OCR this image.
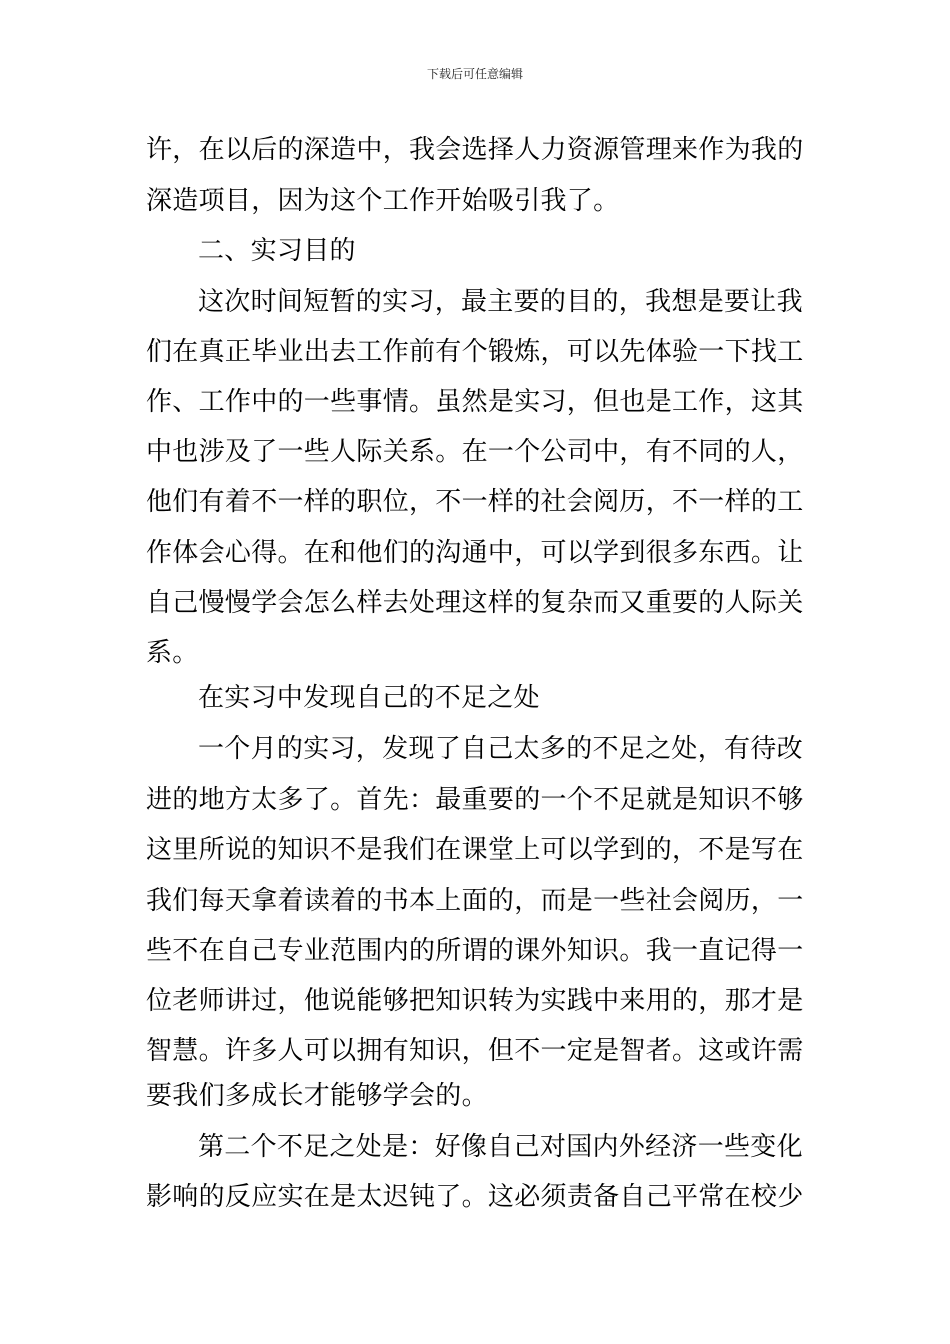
下载后可任意编辑
许，在以后的深造中，我会选择人力资源管理来作为我的
深造项目，因为这个工作开始吸引我了。
二、实习目的
这次时间短暂的实习，最主要的目的，我想是要让我
们在真正毕业出去工作前有个锻炼，可以先体验一下找工
作、工作中的一些事情。虽然是实习，但也是工作，这其
中也涉及了一些人际关系。在一个公司中，有不同的人，
他们有着不一样的职位，不一样的社会阅历，不一样的工
作体会心得。在和他们的沟通中，可以学到很多东西。让
自己慢慢学会怎么样去处理这样的复杂而又重要的人际关
系。
在实习中发现自己的不足之处
一个月的实习，发现了自己太多的不足之处，有待改
进的地方太多了。首先：最重要的一个不足就是知识不够
这里所说的知识不是我们在课堂上可以学到的，不是写在
我们每天拿着读着的书本上面的，而是一些社会阅历，一
些不在自己专业范围内的所谓的课外知识。我一直记得一
位老师讲过，他说能够把知识转为实践中来用的，那才是
智慧。许多人可以拥有知识，但不一定是智者。这或许需
要我们多成长才能够学会的。
第二个不足之处是：好像自己对国内外经济一些变化
影响的反应实在是太迟钝了。这必须责备自己平常在校少
